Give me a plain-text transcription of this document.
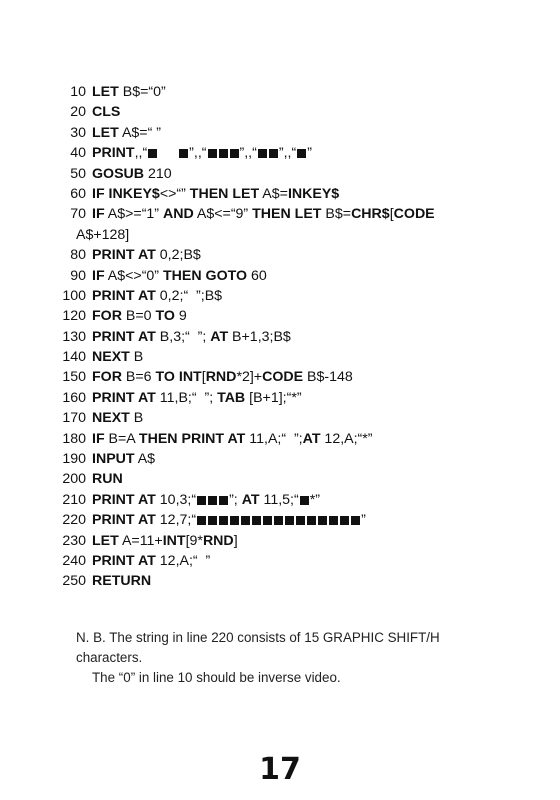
10 LET B$=“0”
20 CLS
30 LET A$=“ ”
40 PRINT,,“	”,,“ ”,,“ ”,,“ ”
50 GOSUB 210
60 IF INKEY$<>“” THEN LET A$=INKEY$
70 IF A$>=“1” AND A$<=“9” THEN LET B$=CHR$[CODE
A$+128]
80 PRINT AT 0,2;B$
90 IF A$<>“0” THEN GOTO 60
100 PRINT AT 0,2;“  ”;B$
120 FOR B=0 TO 9
130 PRINT AT B,3;“  ”; AT B+1,3;B$
140 NEXT B
150 FOR B=6 TO INT[RND*2]+CODE B$-148
160 PRINT AT 11,B;“  ”; TAB [B+1];“*”
170 NEXT B
180 IF B=A THEN PRINT AT 11,A;“  ”;AT 12,A;“*”
190 INPUT A$
200 RUN
210 PRINT AT 10,3;“ ”; AT 11,5;“ *”
220 PRINT AT 12,7;“	”
230 LET A=11+INT[9*RND]
240 PRINT AT 12,A;“  ”
250 RETURN

N. B. The string in line 220 consists of 15 GRAPHIC SHIFT/H characters.

The “0” in line 10 should be inverse video.

17
